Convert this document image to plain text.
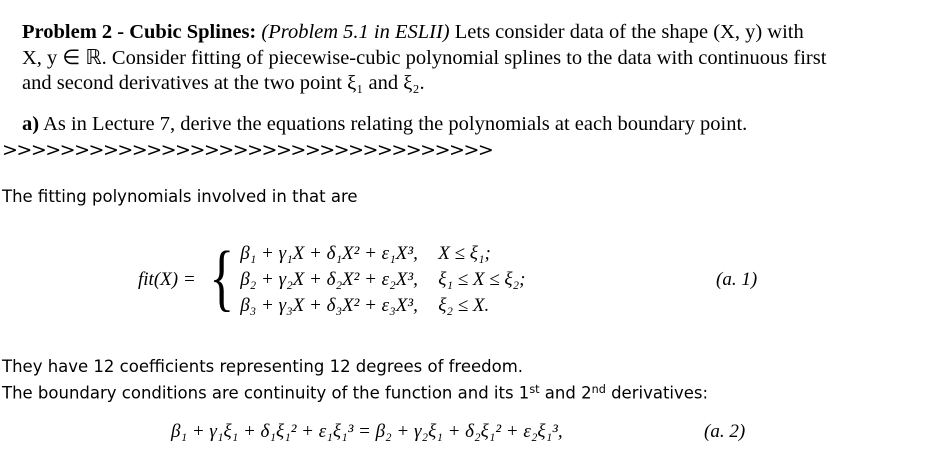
Problem 2 - Cubic Splines: (Problem 5.1 in ESLII) Lets consider data of the shape (X, y) with
X, y ∈ ℝ. Consider fitting of piecewise-cubic polynomial splines to the data with continuous first
and second derivatives at the two point ξ₁ and ξ₂.
a) As in Lecture 7, derive the equations relating the polynomials at each boundary point.
>>>>>>>>>>>>>>>>>>>>>>>>>>>>>>>>>>
The fitting polynomials involved in that are
fit(X) = { β₁ + γ₁X + δ₁X² + ε₁X³,	X ≤ ξ₁;
β₂ + γ₂X + δ₂X² + ε₂X³,	ξ₁ ≤ X ≤ ξ₂;
β₃ + γ₃X + δ₃X² + ε₃X³,	ξ₂ ≤ X.
(a. 1)
They have 12 coefficients representing 12 degrees of freedom.
The boundary conditions are continuity of the function and its 1st and 2nd derivatives:
β₁ + γ₁ξ₁ + δ₁ξ₁² + ε₁ξ₁³ = β₂ + γ₂ξ₁ + δ₂ξ₁² + ε₂ξ₁³,	(a. 2)
